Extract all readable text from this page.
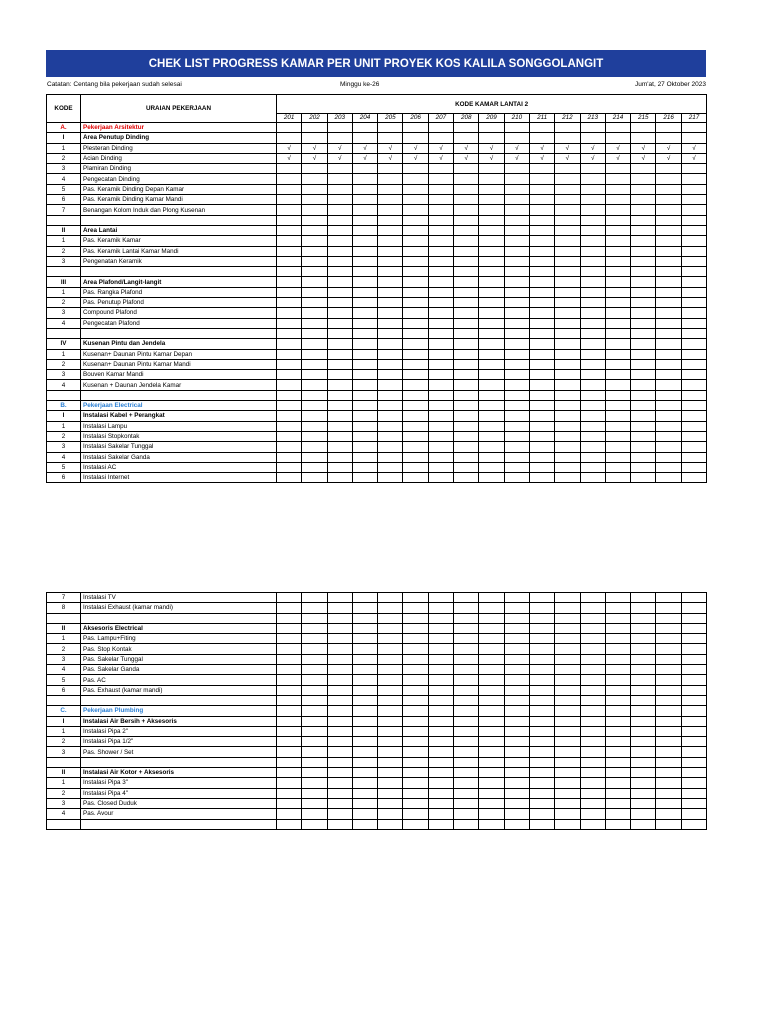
CHEK LIST PROGRESS KAMAR PER UNIT PROYEK KOS KALILA SONGGOLANGIT
Catatan: Centang bila pekerjaan sudah selesai	Minggu ke-26	Jum'at, 27 Oktober 2023
KODE	URAIAN PEKERJAAN	KODE KAMAR LANTAI 2																
		201	202	203	204	205	206	207	208	209	210	211	212	213	214	215	216	217
A.	Pekerjaan Arsitektur																	
I	Area Penutup Dinding																	
1	Plesteran Dinding	√	√	√	√	√	√	√	√	√	√	√	√	√	√	√	√	√
2	Acian Dinding	√	√	√	√	√	√	√	√	√	√	√	√	√	√	√	√	√
3	Plamiran Dinding																	
4	Pengecatan Dinding																	
5	Pas. Keramik Dinding Depan Kamar																	
6	Pas. Keramik Dinding Kamar Mandi																	
7	Benangan Kolom Induk dan Plong Kusenan																	

II	Area Lantai																	
1	Pas. Keramik Kamar																	
2	Pas. Keramik Lantai Kamar Mandi																	
3	Pengenatan Keramik																	

III	Area Plafond/Langit-langit																	
1	Pas. Rangka Plafond																	
2	Pas. Penutup Plafond																	
3	Compound Plafond																	
4	Pengecatan Plafond																	

IV	Kusenan Pintu dan Jendela																	
1	Kusenan+ Daunan Pintu Kamar Depan																	
2	Kusenan+ Daunan Pintu Kamar Mandi																	
3	Bouven Kamar Mandi																	
4	Kusenan + Daunan Jendela Kamar																	

B.	Pekerjaan Electrical																	
I	Instalasi Kabel + Perangkat																	
1	Instalasi Lampu																	
2	Instalasi Stopkontak																	
3	Instalasi Sakelar Tunggal																	
4	Instalasi Sakelar Ganda																	
5	Instalasi AC																	
6	Instalasi Internet																	
7	Instalasi TV																	
8	Instalasi Exhaust (kamar mandi)																	

II	Aksesoris Electrical																	
1	Pas. Lampu+Fiting																	
2	Pas. Stop Kontak																	
3	Pas. Sakelar Tunggal																	
4	Pas. Sakelar Ganda																	
5	Pas. AC																	
6	Pas. Exhaust (kamar mandi)																	

C.	Pekerjaan Plumbing																	
I	Instalasi Air Bersih + Aksesoris																	
1	Instalasi Pipa 2"																	
2	Instalasi Pipa 1/2"																	
3	Pas. Shower / Set																	

II	Instalasi Air Kotor + Aksesoris																	
1	Instalasi Pipa 3"																	
2	Instalasi Pipa 4"																	
3	Pas. Closed Duduk																	
4	Pas. Avour																	
